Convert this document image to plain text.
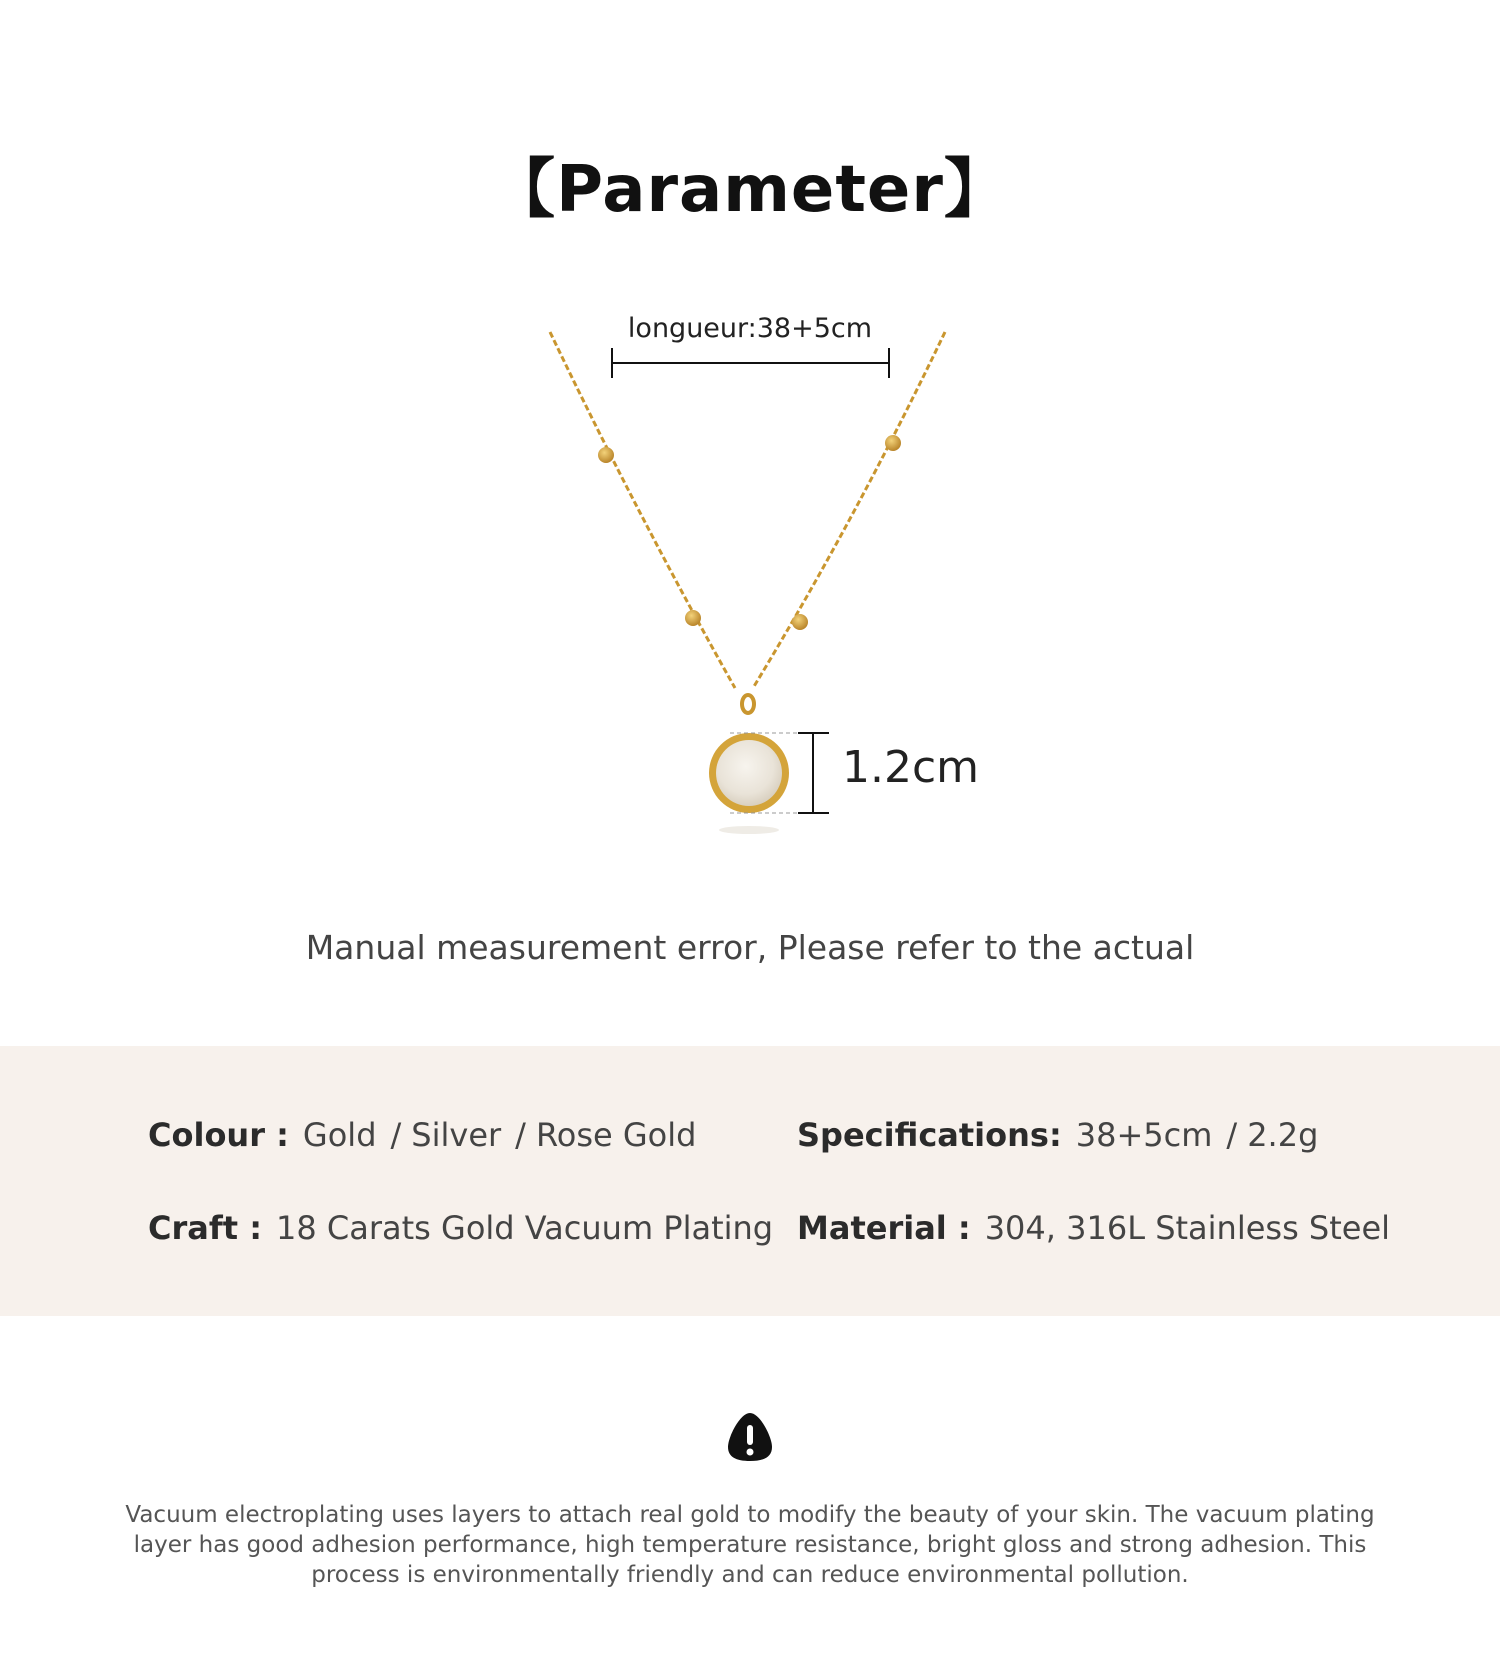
【Parameter】
longueur:38+5cm
1.2cm
Manual measurement error, Please refer to the actual
Colour : Gold / Silver / Rose Gold	Specifications: 38+5cm / 2.2g
Craft : 18 Carats Gold Vacuum Plating Material : 304, 316L Stainless Steel
Vacuum electroplating uses layers to attach real gold to modify the beauty of your skin. The vacuum plating layer has good adhesion performance, high temperature resistance, bright gloss and strong adhesion. This process is environmentally friendly and can reduce environmental pollution.
